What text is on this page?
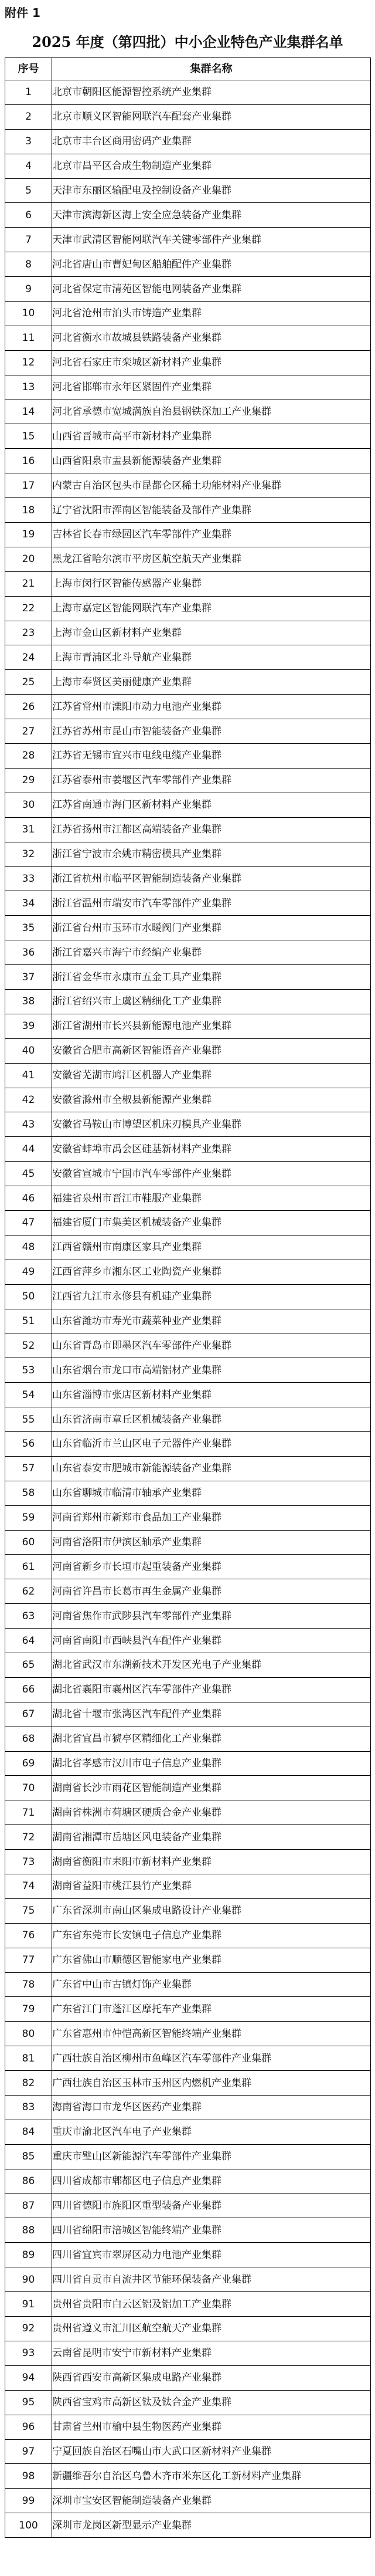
附件 1
2025 年度（第四批）中小企业特色产业集群名单
序号	集群名称
1	北京市朝阳区能源智控系统产业集群
2	北京市顺义区智能网联汽车配套产业集群
3	北京市丰台区商用密码产业集群
4	北京市昌平区合成生物制造产业集群
5	天津市东丽区输配电及控制设备产业集群
6	天津市滨海新区海上安全应急装备产业集群
7	天津市武清区智能网联汽车关键零部件产业集群
8	河北省唐山市曹妃甸区船舶配件产业集群
9	河北省保定市清苑区智能电网装备产业集群
10	河北省沧州市泊头市铸造产业集群
11	河北省衡水市故城县铁路装备产业集群
12	河北省石家庄市栾城区新材料产业集群
13	河北省邯郸市永年区紧固件产业集群
14	河北省承德市宽城满族自治县钢铁深加工产业集群
15	山西省晋城市高平市新材料产业集群
16	山西省阳泉市盂县新能源装备产业集群
17	内蒙古自治区包头市昆都仑区稀土功能材料产业集群
18	辽宁省沈阳市浑南区智能装备及部件产业集群
19	吉林省长春市绿园区汽车零部件产业集群
20	黑龙江省哈尔滨市平房区航空航天产业集群
21	上海市闵行区智能传感器产业集群
22	上海市嘉定区智能网联汽车产业集群
23	上海市金山区新材料产业集群
24	上海市青浦区北斗导航产业集群
25	上海市奉贤区美丽健康产业集群
26	江苏省常州市溧阳市动力电池产业集群
27	江苏省苏州市昆山市智能装备产业集群
28	江苏省无锡市宜兴市电线电缆产业集群
29	江苏省泰州市姜堰区汽车零部件产业集群
30	江苏省南通市海门区新材料产业集群
31	江苏省扬州市江都区高端装备产业集群
32	浙江省宁波市余姚市精密模具产业集群
33	浙江省杭州市临平区智能制造装备产业集群
34	浙江省温州市瑞安市汽车零部件产业集群
35	浙江省台州市玉环市水暖阀门产业集群
36	浙江省嘉兴市海宁市经编产业集群
37	浙江省金华市永康市五金工具产业集群
38	浙江省绍兴市上虞区精细化工产业集群
39	浙江省湖州市长兴县新能源电池产业集群
40	安徽省合肥市高新区智能语音产业集群
41	安徽省芜湖市鸠江区机器人产业集群
42	安徽省滁州市全椒县新能源产业集群
43	安徽省马鞍山市博望区机床刃模具产业集群
44	安徽省蚌埠市禹会区硅基新材料产业集群
45	安徽省宣城市宁国市汽车零部件产业集群
46	福建省泉州市晋江市鞋服产业集群
47	福建省厦门市集美区机械装备产业集群
48	江西省赣州市南康区家具产业集群
49	江西省萍乡市湘东区工业陶瓷产业集群
50	江西省九江市永修县有机硅产业集群
51	山东省潍坊市寿光市蔬菜种业产业集群
52	山东省青岛市即墨区汽车零部件产业集群
53	山东省烟台市龙口市高端铝材产业集群
54	山东省淄博市张店区新材料产业集群
55	山东省济南市章丘区机械装备产业集群
56	山东省临沂市兰山区电子元器件产业集群
57	山东省泰安市肥城市新能源装备产业集群
58	山东省聊城市临清市轴承产业集群
59	河南省郑州市新郑市食品加工产业集群
60	河南省洛阳市伊滨区轴承产业集群
61	河南省新乡市长垣市起重装备产业集群
62	河南省许昌市长葛市再生金属产业集群
63	河南省焦作市武陟县汽车零部件产业集群
64	河南省南阳市西峡县汽车配件产业集群
65	湖北省武汉市东湖新技术开发区光电子产业集群
66	湖北省襄阳市襄州区汽车零部件产业集群
67	湖北省十堰市张湾区汽车配件产业集群
68	湖北省宜昌市猇亭区精细化工产业集群
69	湖北省孝感市汉川市电子信息产业集群
70	湖南省长沙市雨花区智能制造产业集群
71	湖南省株洲市荷塘区硬质合金产业集群
72	湖南省湘潭市岳塘区风电装备产业集群
73	湖南省衡阳市耒阳市新材料产业集群
74	湖南省益阳市桃江县竹产业集群
75	广东省深圳市南山区集成电路设计产业集群
76	广东省东莞市长安镇电子信息产业集群
77	广东省佛山市顺德区智能家电产业集群
78	广东省中山市古镇灯饰产业集群
79	广东省江门市蓬江区摩托车产业集群
80	广东省惠州市仲恺高新区智能终端产业集群
81	广西壮族自治区柳州市鱼峰区汽车零部件产业集群
82	广西壮族自治区玉林市玉州区内燃机产业集群
83	海南省海口市龙华区医药产业集群
84	重庆市渝北区汽车电子产业集群
85	重庆市璧山区新能源汽车零部件产业集群
86	四川省成都市郫都区电子信息产业集群
87	四川省德阳市旌阳区重型装备产业集群
88	四川省绵阳市涪城区智能终端产业集群
89	四川省宜宾市翠屏区动力电池产业集群
90	四川省自贡市自流井区节能环保装备产业集群
91	贵州省贵阳市白云区铝及铝加工产业集群
92	贵州省遵义市汇川区航空航天产业集群
93	云南省昆明市安宁市新材料产业集群
94	陕西省西安市高新区集成电路产业集群
95	陕西省宝鸡市高新区钛及钛合金产业集群
96	甘肃省兰州市榆中县生物医药产业集群
97	宁夏回族自治区石嘴山市大武口区新材料产业集群
98	新疆维吾尔自治区乌鲁木齐市米东区化工新材料产业集群
99	深圳市宝安区智能制造装备产业集群
100	深圳市龙岗区新型显示产业集群
